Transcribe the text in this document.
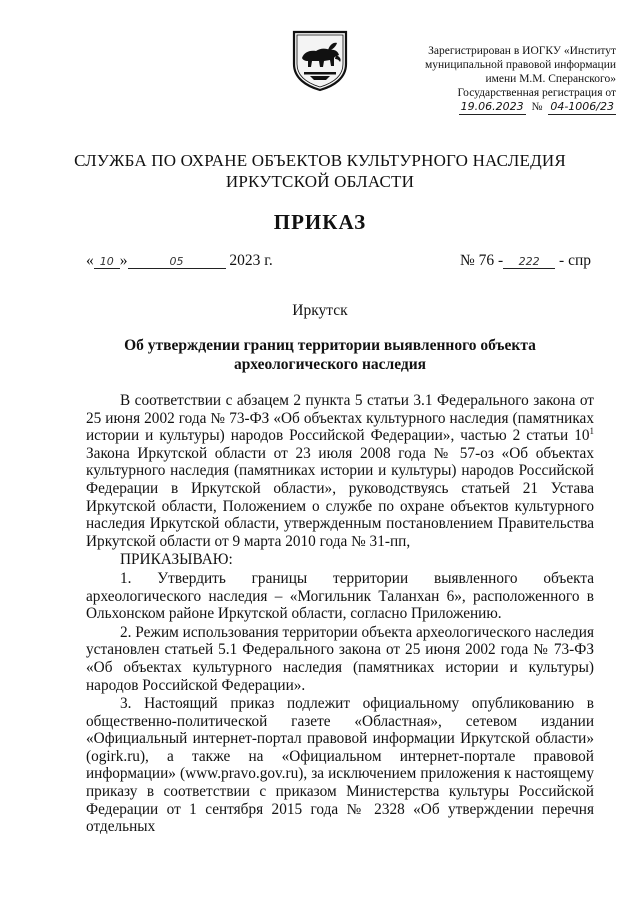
Зарегистрирован в ИОГКУ «Институт
муниципальной правовой информации
имени М.М. Сперанского»
Государственная регистрация от
19.06.2023 № 04-1006/23
СЛУЖБА ПО ОХРАНЕ ОБЪЕКТОВ КУЛЬТУРНОГО НАСЛЕДИЯ
ИРКУТСКОЙ ОБЛАСТИ
ПРИКАЗ
« 10 »	05	2023 г.	№ 76 - 222 - спр
Иркутск
Об утверждении границ территории выявленного объекта
археологического наследия

В соответствии с абзацем 2 пункта 5 статьи 3.1 Федерального закона от 25 июня 2002 года № 73-ФЗ «Об объектах культурного наследия (памятниках истории и культуры) народов Российской Федерации», частью 2 статьи $10^1$ Закона Иркутской области от 23 июля 2008 года № 57-оз «Об объектах культурного наследия (памятниках истории и культуры) народов Российской Федерации в Иркутской области», руководствуясь статьей 21 Устава Иркутской области, Положением о службе по охране объектов культурного наследия Иркутской области, утвержденным постановлением Правительства Иркутской области от 9 марта 2010 года № 31-пп,

ПРИКАЗЫВАЮ:

1. Утвердить границы территории выявленного объекта археологического наследия – «Могильник Таланхан 6», расположенного в Ольхонском районе Иркутской области, согласно Приложению.

2. Режим использования территории объекта археологического наследия установлен статьей 5.1 Федерального закона от 25 июня 2002 года № 73-ФЗ «Об объектах культурного наследия (памятниках истории и культуры) народов Российской Федерации».

3. Настоящий приказ подлежит официальному опубликованию в общественно-политической газете «Областная», сетевом издании «Официальный интернет-портал правовой информации Иркутской области» (ogirk.ru), а также на «Официальном интернет-портале правовой информации» (www.pravo.gov.ru), за исключением приложения к настоящему приказу в соответствии с приказом Министерства культуры Российской Федерации от 1 сентября 2015 года № 2328 «Об утверждении перечня отдельных
